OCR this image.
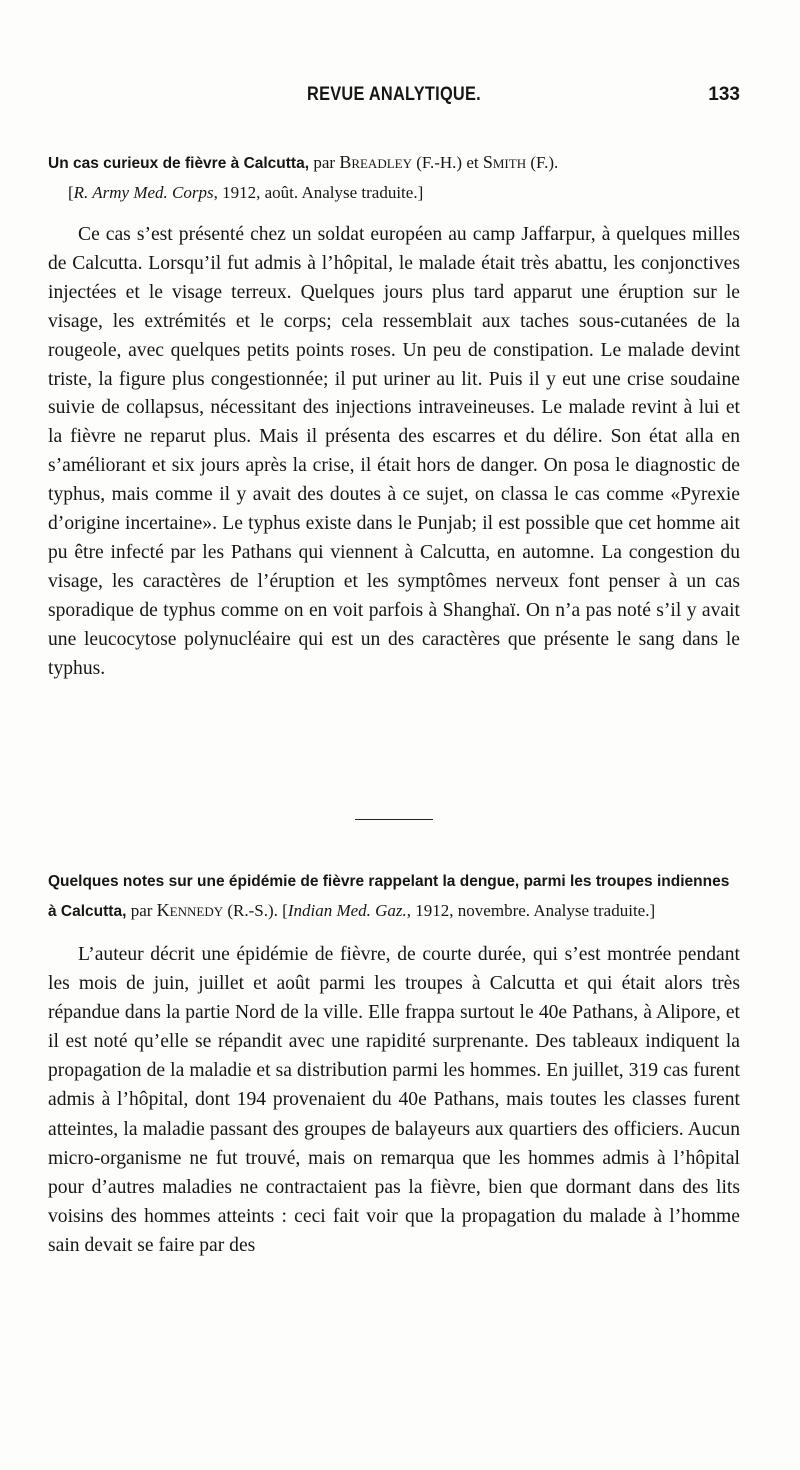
REVUE ANALYTIQUE.	133

Un cas curieux de fièvre à Calcutta, par Breadley (F.-H.) et Smith (F.).
[R. Army Med. Corps, 1912, août. Analyse traduite.]

Ce cas s’est présenté chez un soldat européen au camp Jaffarpur, à quelques milles de Calcutta. Lorsqu’il fut admis à l’hôpital, le malade était très abattu, les conjonctives injectées et le visage terreux. Quelques jours plus tard apparut une éruption sur le visage, les extrémités et le corps; cela ressemblait aux taches sous-cutanées de la rougeole, avec quelques petits points roses. Un peu de constipation. Le malade devint triste, la figure plus congestionnée; il put uriner au lit. Puis il y eut une crise soudaine suivie de collapsus, nécessitant des injections intraveineuses. Le malade revint à lui et la fièvre ne reparut plus. Mais il présenta des escarres et du délire. Son état alla en s’améliorant et six jours après la crise, il était hors de danger. On posa le diagnostic de typhus, mais comme il y avait des doutes à ce sujet, on classa le cas comme «Pyrexie d’origine incertaine». Le typhus existe dans le Punjab; il est possible que cet homme ait pu être infecté par les Pathans qui viennent à Calcutta, en automne. La congestion du visage, les caractères de l’éruption et les symptômes nerveux font penser à un cas sporadique de typhus comme on en voit parfois à Shanghaï. On n’a pas noté s’il y avait une leucocytose polynucléaire qui est un des caractères que présente le sang dans le typhus.

Quelques notes sur une épidémie de fièvre rappelant la dengue, parmi les troupes indiennes à Calcutta, par Kennedy (R.-S.). [Indian Med. Gaz., 1912, novembre. Analyse traduite.]

L’auteur décrit une épidémie de fièvre, de courte durée, qui s’est montrée pendant les mois de juin, juillet et août parmi les troupes à Calcutta et qui était alors très répandue dans la partie Nord de la ville. Elle frappa surtout le 40e Pathans, à Alipore, et il est noté qu’elle se répandit avec une rapidité surprenante. Des tableaux indiquent la propagation de la maladie et sa distribution parmi les hommes. En juillet, 319 cas furent admis à l’hôpital, dont 194 provenaient du 40e Pathans, mais toutes les classes furent atteintes, la maladie passant des groupes de balayeurs aux quartiers des officiers. Aucun micro-organisme ne fut trouvé, mais on remarqua que les hommes admis à l’hôpital pour d’autres maladies ne contractaient pas la fièvre, bien que dormant dans des lits voisins des hommes atteints : ceci fait voir que la propagation du malade à l’homme sain devait se faire par des
